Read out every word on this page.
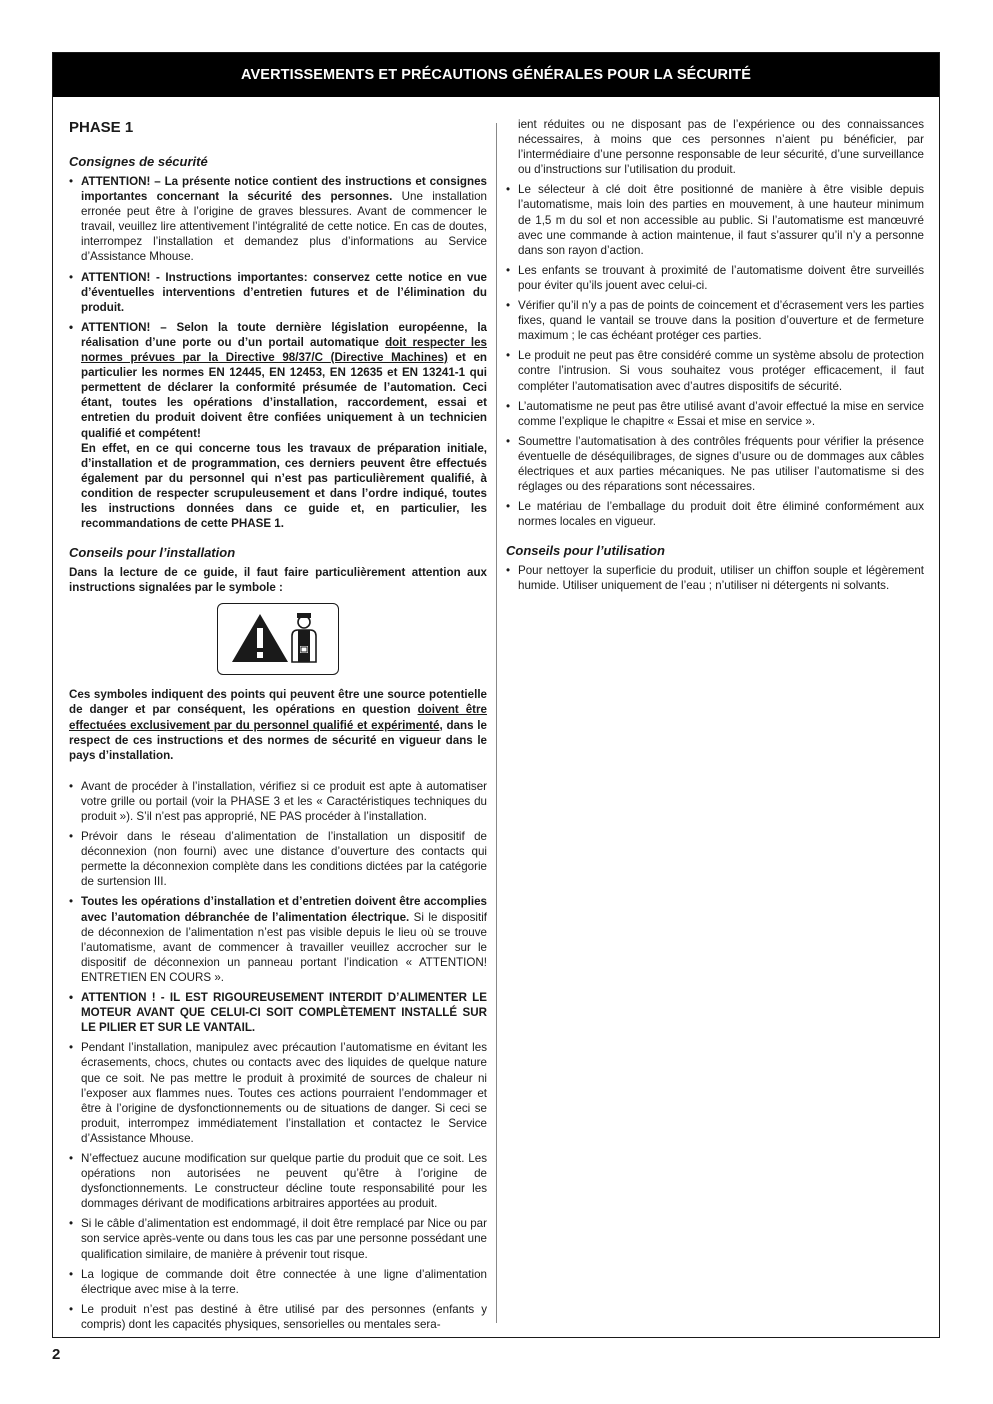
AVERTISSEMENTS ET PRÉCAUTIONS GÉNÉRALES POUR LA SÉCURITÉ
PHASE 1
Consignes de sécurité
• ATTENTION! – La présente notice contient des instructions et consignes importantes concernant la sécurité des personnes. Une installation erronée peut être à l’origine de graves blessures. Avant de commencer le travail, veuillez lire attentivement l’intégralité de cette notice. En cas de doutes, interrompez l’installation et demandez plus d’informations au Service d’Assistance Mhouse.
• ATTENTION! - Instructions importantes: conservez cette notice en vue d’éventuelles interventions d’entretien futures et de l’élimination du produit.
• ATTENTION! – Selon la toute dernière législation européenne, la réalisation d’une porte ou d’un portail automatique doit respecter les normes prévues par la Directive 98/37/C (Directive Machines) et en particulier les normes EN 12445, EN 12453, EN 12635 et EN 13241-1 qui permettent de déclarer la conformité présumée de l’automation. Ceci étant, toutes les opérations d’installation, raccordement, essai et entretien du produit doivent être confiées uniquement à un technicien qualifié et compétent!
En effet, en ce qui concerne tous les travaux de préparation initiale, d’installation et de programmation, ces derniers peuvent être effectués également par du personnel qui n’est pas particulièrement qualifié, à condition de respecter scrupuleusement et dans l’ordre indiqué, toutes les instructions données dans ce guide et, en particulier, les recommandations de cette PHASE 1.
Conseils pour l’installation

Dans la lecture de ce guide, il faut faire particulièrement attention aux instructions signalées par le symbole :

Ces symboles indiquent des points qui peuvent être une source potentielle de danger et par conséquent, les opérations en question doivent être effectuées exclusivement par du personnel qualifié et expérimenté, dans le respect de ces instructions et des normes de sécurité en vigueur dans le pays d’installation.

• Avant de procéder à l’installation, vérifiez si ce produit est apte à automatiser votre grille ou portail (voir la PHASE 3 et les « Caractéristiques techniques du produit »). S’il n’est pas approprié, NE PAS procéder à l’installation.
• Prévoir dans le réseau d’alimentation de l’installation un dispositif de déconnexion (non fourni) avec une distance d’ouverture des contacts qui permette la déconnexion complète dans les conditions dictées par la catégorie de surtension III.
• Toutes les opérations d’installation et d’entretien doivent être accomplies avec l’automation débranchée de l’alimentation électrique. Si le dispositif de déconnexion de l’alimentation n’est pas visible depuis le lieu où se trouve l’automatisme, avant de commencer à travailler veuillez accrocher sur le dispositif de déconnexion un panneau portant l’indication « ATTENTION! ENTRETIEN EN COURS ».
• ATTENTION ! - IL EST RIGOUREUSEMENT INTERDIT D’ALIMENTER LE MOTEUR AVANT QUE CELUI-CI SOIT COMPLÈTEMENT INSTALLÉ SUR LE PILIER ET SUR LE VANTAIL.
• Pendant l’installation, manipulez avec précaution l’automatisme en évitant les écrasements, chocs, chutes ou contacts avec des liquides de quelque nature que ce soit. Ne pas mettre le produit à proximité de sources de chaleur ni l’exposer aux flammes nues. Toutes ces actions pourraient l’endommager et être à l’origine de dysfonctionnements ou de situations de danger. Si ceci se produit, interrompez immédiatement l’installation et contactez le Service d’Assistance Mhouse.
• N’effectuez aucune modification sur quelque partie du produit que ce soit. Les opérations non autorisées ne peuvent qu’être à l’origine de dysfonctionnements. Le constructeur décline toute responsabilité pour les dommages dérivant de modifications arbitraires apportées au produit.
• Si le câble d’alimentation est endommagé, il doit être remplacé par Nice ou par son service après-vente ou dans tous les cas par une personne possédant une qualification similaire, de manière à prévenir tout risque.
• La logique de commande doit être connectée à une ligne d’alimentation électrique avec mise à la terre.
• Le produit n’est pas destiné à être utilisé par des personnes (enfants y compris) dont les capacités physiques, sensorielles ou mentales sera-

ient réduites ou ne disposant pas de l’expérience ou des connaissances nécessaires, à moins que ces personnes n’aient pu bénéficier, par l’intermédiaire d’une personne responsable de leur sécurité, d’une surveillance ou d’instructions sur l’utilisation du produit.

• Le sélecteur à clé doit être positionné de manière à être visible depuis l’automatisme, mais loin des parties en mouvement, à une hauteur minimum de 1,5 m du sol et non accessible au public. Si l’automatisme est manœuvré avec une commande à action maintenue, il faut s’assurer qu’il n’y a personne dans son rayon d’action.
• Les enfants se trouvant à proximité de l’automatisme doivent être surveillés pour éviter qu’ils jouent avec celui-ci.
• Vérifier qu’il n’y a pas de points de coincement et d’écrasement vers les parties fixes, quand le vantail se trouve dans la position d’ouverture et de fermeture maximum ; le cas échéant protéger ces parties.
• Le produit ne peut pas être considéré comme un système absolu de protection contre l’intrusion. Si vous souhaitez vous protéger efficacement, il faut compléter l’automatisation avec d’autres dispositifs de sécurité.
• L’automatisme ne peut pas être utilisé avant d’avoir effectué la mise en service comme l’explique le chapitre « Essai et mise en service ».
• Soumettre l’automatisation à des contrôles fréquents pour vérifier la présence éventuelle de déséquilibrages, de signes d’usure ou de dommages aux câbles électriques et aux parties mécaniques. Ne pas utiliser l’automatisme si des réglages ou des réparations sont nécessaires.
• Le matériau de l’emballage du produit doit être éliminé conformément aux normes locales en vigueur.
Conseils pour l’utilisation
• Pour nettoyer la superficie du produit, utiliser un chiffon souple et légèrement humide. Utiliser uniquement de l’eau ; n’utiliser ni détergents ni solvants.
2
